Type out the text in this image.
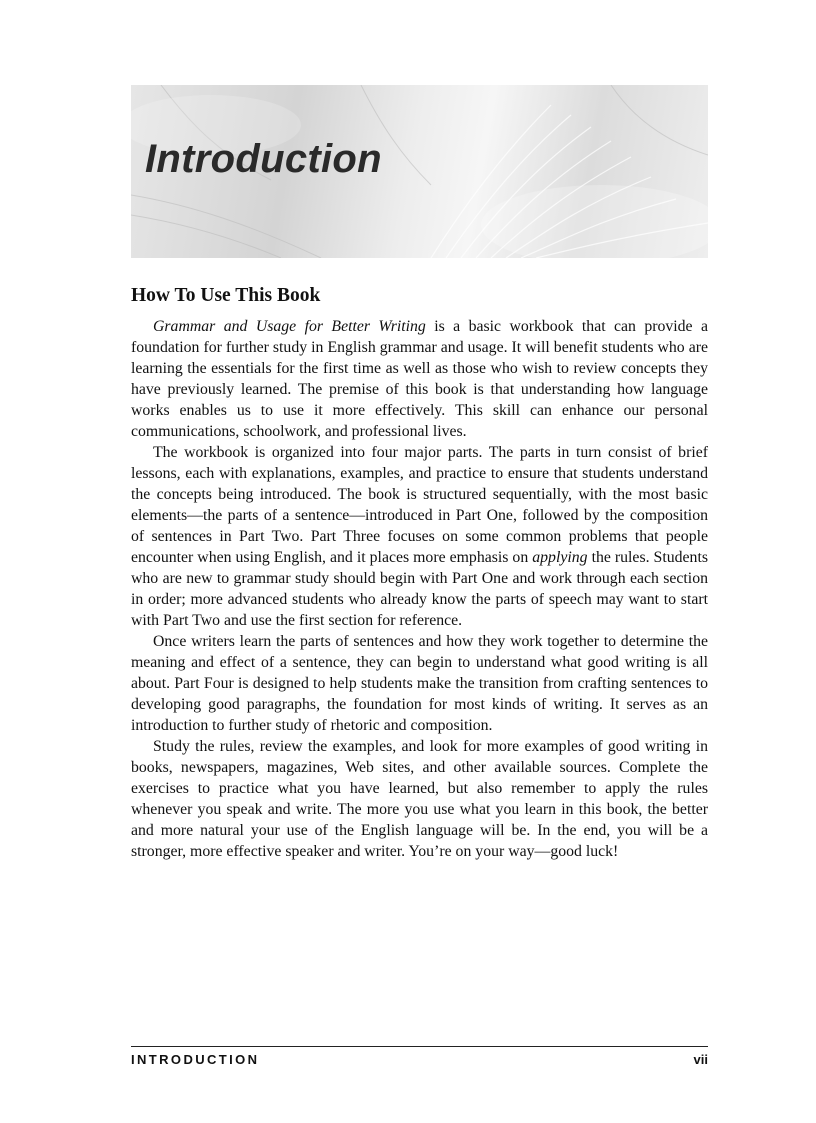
Introduction
How To Use This Book

Grammar and Usage for Better Writing is a basic workbook that can provide a foundation for further study in English grammar and usage. It will benefit students who are learning the essentials for the first time as well as those who wish to review concepts they have previously learned. The premise of this book is that understanding how language works enables us to use it more effectively. This skill can enhance our personal communications, schoolwork, and professional lives.

The workbook is organized into four major parts. The parts in turn consist of brief lessons, each with explanations, examples, and practice to ensure that students understand the concepts being introduced. The book is structured sequentially, with the most basic elements—the parts of a sentence—introduced in Part One, followed by the composition of sentences in Part Two. Part Three focuses on some common problems that people encounter when using English, and it places more emphasis on applying the rules. Students who are new to grammar study should begin with Part One and work through each section in order; more advanced students who already know the parts of speech may want to start with Part Two and use the first section for reference.

Once writers learn the parts of sentences and how they work together to determine the meaning and effect of a sentence, they can begin to understand what good writing is all about. Part Four is designed to help students make the transition from crafting sentences to developing good paragraphs, the foundation for most kinds of writing. It serves as an introduction to further study of rhetoric and composition.

Study the rules, review the examples, and look for more examples of good writing in books, newspapers, magazines, Web sites, and other available sources. Complete the exercises to practice what you have learned, but also remember to apply the rules whenever you speak and write. The more you use what you learn in this book, the better and more natural your use of the English language will be. In the end, you will be a stronger, more effective speaker and writer. You’re on your way—good luck!

INTRODUCTION	vii
